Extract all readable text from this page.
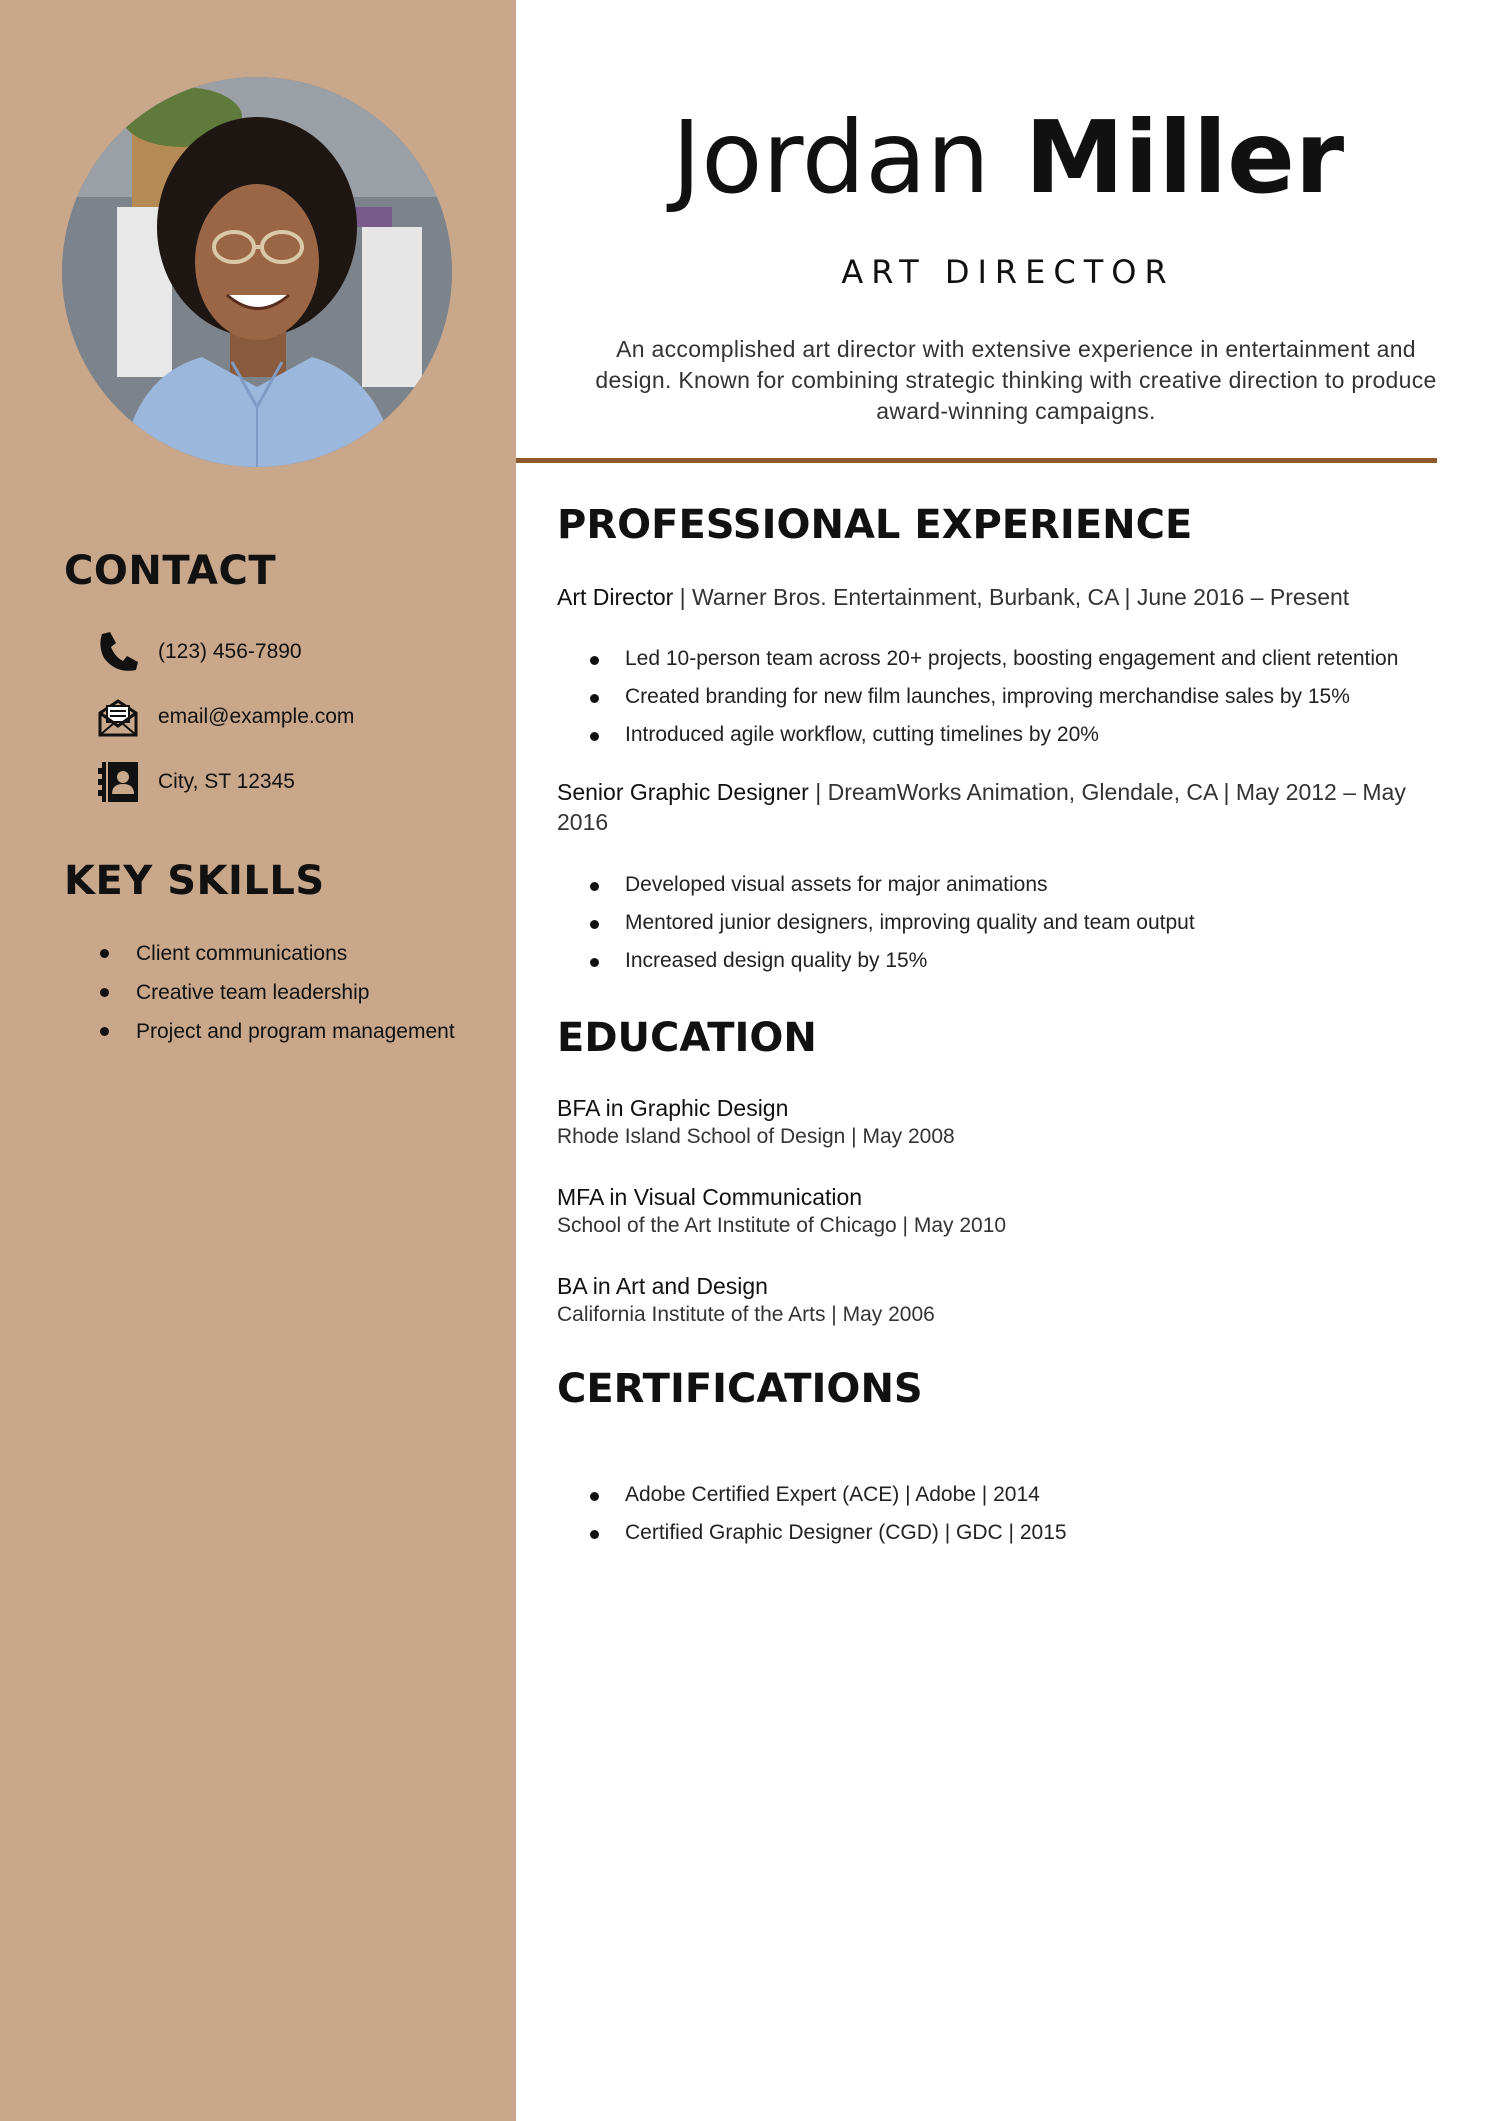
CONTACT
(123) 456-7890
email@example.com
City, ST 12345
KEY SKILLS
Client communications
Creative team leadership
Project and program management
Jordan Miller
ART DIRECTOR

An accomplished art director with extensive experience in entertainment and design. Known for combining strategic thinking with creative direction to produce award-winning campaigns.

PROFESSIONAL EXPERIENCE

Art Director | Warner Bros. Entertainment, Burbank, CA | June 2016 – Present

Led 10-person team across 20+ projects, boosting engagement and client retention
Created branding for new film launches, improving merchandise sales by 15%
Introduced agile workflow, cutting timelines by 20%

Senior Graphic Designer | DreamWorks Animation, Glendale, CA | May 2012 – May 2016

Developed visual assets for major animations
Mentored junior designers, improving quality and team output
Increased design quality by 15%
EDUCATION
BFA in Graphic Design
Rhode Island School of Design | May 2008
MFA in Visual Communication
School of the Art Institute of Chicago | May 2010
BA in Art and Design
California Institute of the Arts | May 2006
CERTIFICATIONS
Adobe Certified Expert (ACE) | Adobe | 2014
Certified Graphic Designer (CGD) | GDC | 2015
